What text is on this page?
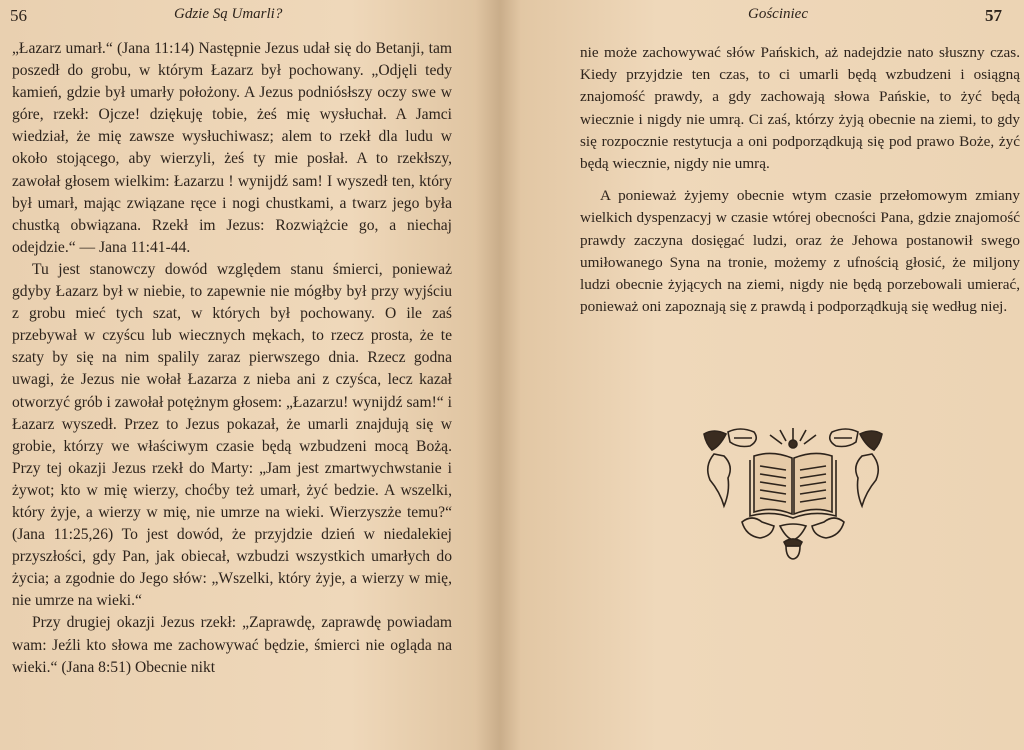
56	Gdzie Są Umarli?

„Łazarz umarł.“ (Jana 11:14) Następnie Jezus udał się do Betanji, tam poszedł do grobu, w którym Łazarz był pochowany. „Odjęli tedy kamień, gdzie był umarły położony. A Jezus podniósłszy oczy swe w góre, rzekł: Ojcze! dziękuję tobie, żeś mię wysłuchał. A Jamci wiedział, że mię zawsze wysłuchiwasz; alem to rzekł dla ludu w około stojącego, aby wierzyli, żeś ty mie posłał. A to rzekłszy, zawołał głosem wielkim: Łazarzu ! wynijdź sam! I wyszedł ten, który był umarł, mając związane ręce i nogi chustkami, a twarz jego była chustką obwiązana. Rzekł im Jezus: Rozwiążcie go, a niechaj odejdzie.“ — Jana 11:41-44.

Tu jest stanowczy dowód względem stanu śmierci, ponieważ gdyby Łazarz był w niebie, to zapewnie nie mógłby był przy wyjściu z grobu mieć tych szat, w których był pochowany. O ile zaś przebywał w czyścu lub wiecznych mękach, to rzecz prosta, że te szaty by się na nim spalily zaraz pierwszego dnia. Rzecz godna uwagi, że Jezus nie wołał Łazarza z nieba ani z czyśca, lecz kazał otworzyć grób i zawołał potężnym głosem: „Łazarzu! wynijdź sam!“ i Łazarz wyszedł. Przez to Jezus pokazał, że umarli znajdują się w grobie, którzy we właściwym czasie będą wzbudzeni mocą Bożą. Przy tej okazji Jezus rzekł do Marty: „Jam jest zmartwychwstanie i żywot; kto w mię wierzy, choćby też umarł, żyć bedzie. A wszelki, który żyje, a wierzy w mię, nie umrze na wieki. Wierzyszże temu?“ (Jana 11:25,26) To jest dowód, że przyjdzie dzień w niedalekiej przyszłości, gdy Pan, jak obiecał, wzbudzi wszystkich umarłych do życia; a zgodnie do Jego słów: „Wszelki, który żyje, a wierzy w mię, nie umrze na wieki.“

Przy drugiej okazji Jezus rzekł: „Zaprawdę, zaprawdę powiadam wam: Jeźli kto słowa me zachowywać będzie, śmierci nie ogląda na wieki.“ (Jana 8:51) Obecnie nikt

Gościniec	57

nie może zachowywać słów Pańskich, aż nadejdzie nato słuszny czas. Kiedy przyjdzie ten czas, to ci umarli będą wzbudzeni i osiągną znajomość prawdy, a gdy zachowają słowa Pańskie, to żyć będą wiecznie i nigdy nie umrą. Ci zaś, którzy żyją obecnie na ziemi, to gdy się rozpocznie restytucja a oni podporządkują się pod prawo Boże, żyć będą wiecznie, nigdy nie umrą.

A ponieważ żyjemy obecnie wtym czasie przełomowym zmiany wielkich dyspenzacyj w czasie wtórej obecności Pana, gdzie znajomość prawdy zaczyna dosięgać ludzi, oraz że Jehowa postanowił swego umiłowanego Syna na tronie, możemy z ufnością głosić, że miljony ludzi obecnie żyjących na ziemi, nigdy nie będą porzebowali umierać, ponieważ oni zapoznają się z prawdą i podporządkują się według niej.
